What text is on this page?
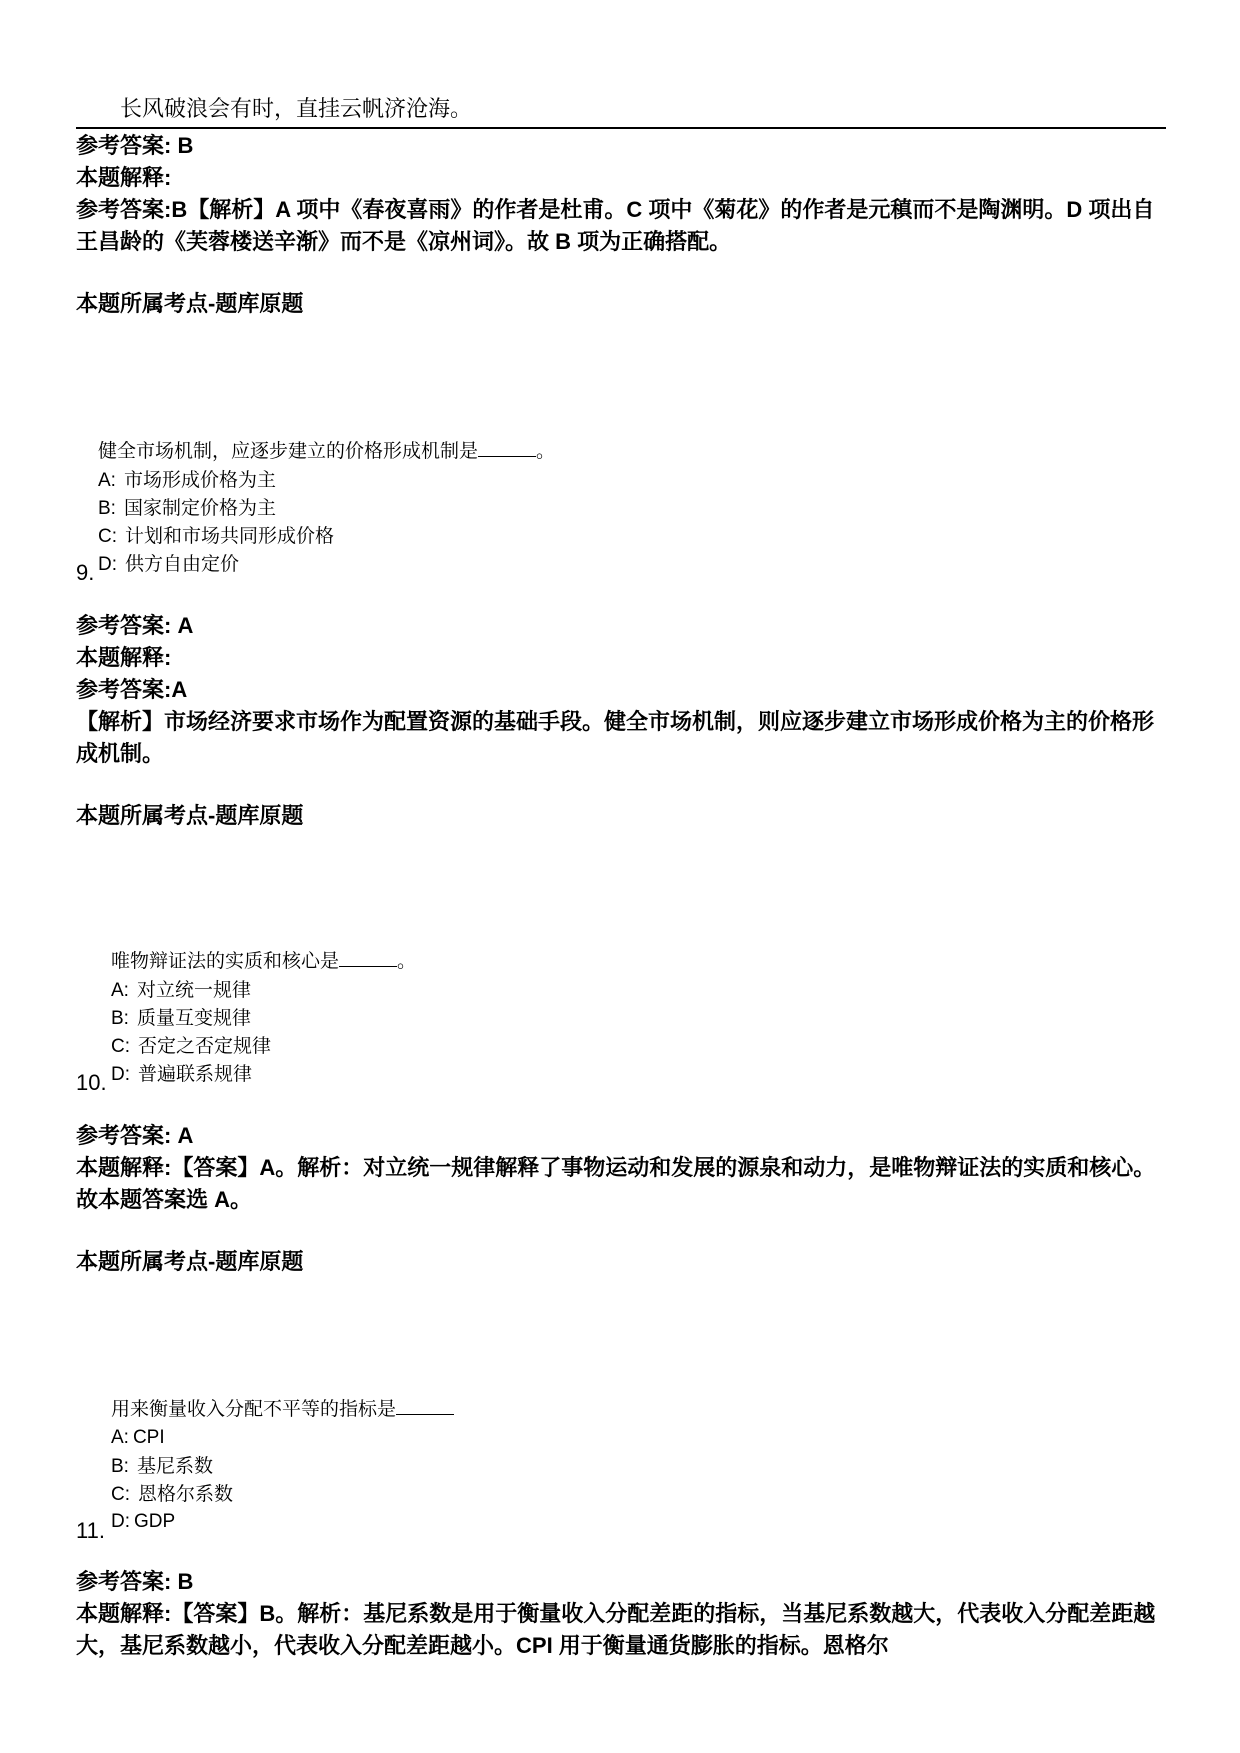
长风破浪会有时，直挂云帆济沧海。
参考答案: B
本题解释:
参考答案:B【解析】A 项中《春夜喜雨》的作者是杜甫。C 项中《菊花》的作者是元稹而不是陶渊明。D 项出自王昌龄的《芙蓉楼送辛渐》而不是《凉州词》。故 B 项为正确搭配。
本题所属考点-题库原题
健全市场机制，应逐步建立的价格形成机制是	。
A: 市场形成价格为主
B: 国家制定价格为主
C: 计划和市场共同形成价格
9. D: 供方自由定价
参考答案: A
本题解释:
参考答案:A
【解析】市场经济要求市场作为配置资源的基础手段。健全市场机制，则应逐步建立市场形成价格为主的价格形成机制。
本题所属考点-题库原题
唯物辩证法的实质和核心是	。
A: 对立统一规律
B: 质量互变规律
C: 否定之否定规律
10. D: 普遍联系规律
参考答案: A
本题解释:【答案】A。解析：对立统一规律解释了事物运动和发展的源泉和动力，是唯物辩证法的实质和核心。故本题答案选 A。
本题所属考点-题库原题
用来衡量收入分配不平等的指标是
A: CPI
B: 基尼系数
C: 恩格尔系数
11. D: GDP
参考答案: B
本题解释:【答案】B。解析：基尼系数是用于衡量收入分配差距的指标，当基尼系数越大，代表收入分配差距越大，基尼系数越小，代表收入分配差距越小。CPI 用于衡量通货膨胀的指标。恩格尔
